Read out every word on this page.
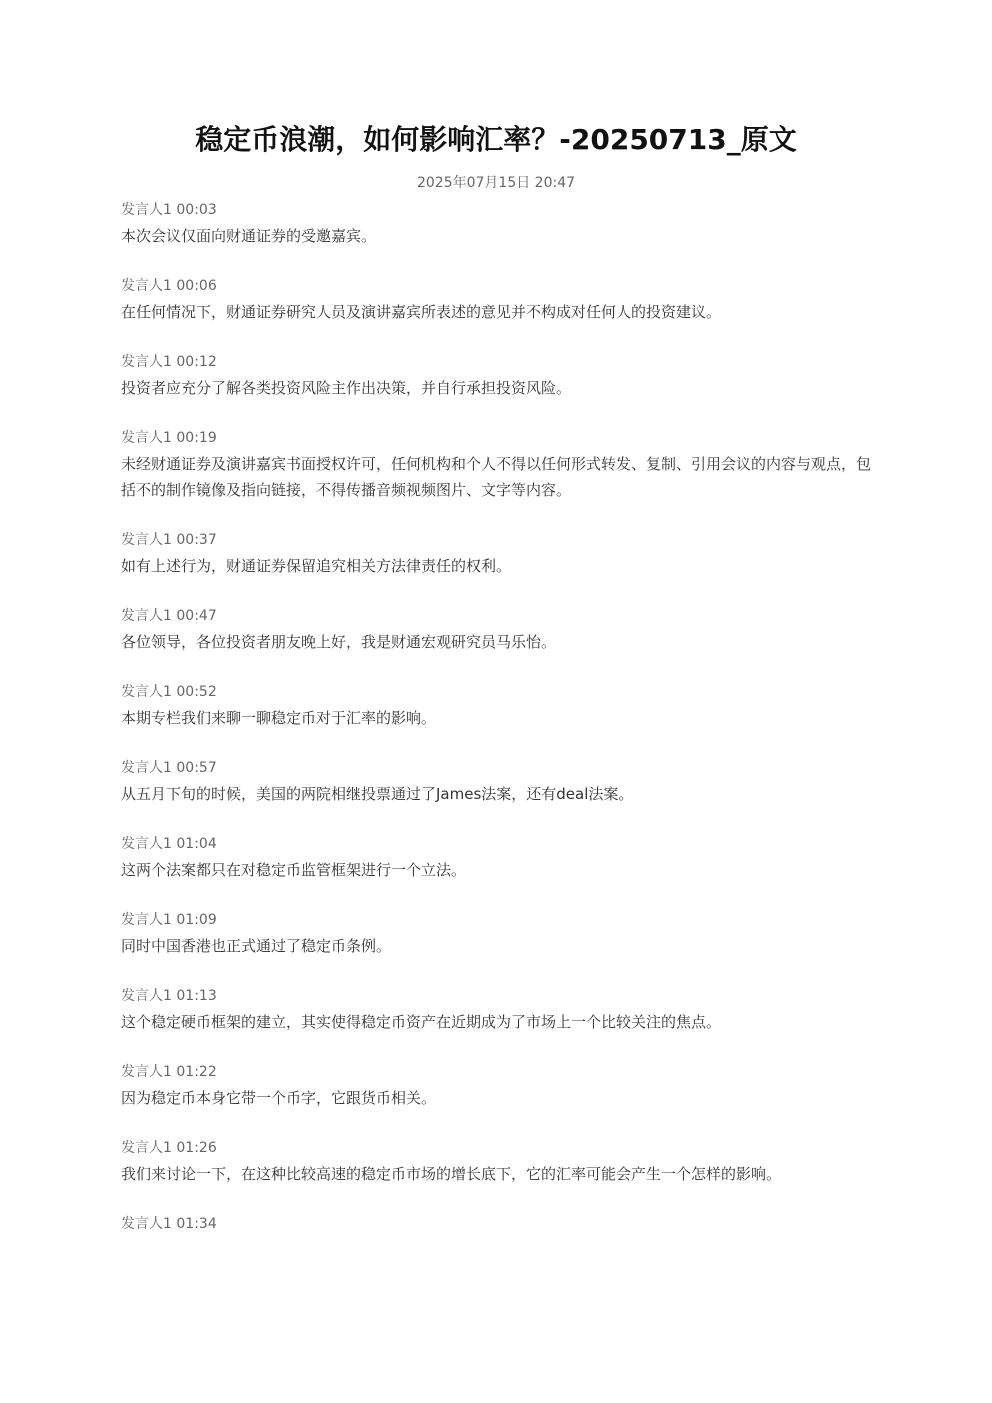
稳定币浪潮，如何影响汇率？-20250713_原文
2025年07月15日 20:47
发言人1 00:03
本次会议仅面向财通证券的受邀嘉宾。
发言人1 00:06
在任何情况下，财通证券研究人员及演讲嘉宾所表述的意见并不构成对任何人的投资建议。
发言人1 00:12
投资者应充分了解各类投资风险主作出决策，并自行承担投资风险。
发言人1 00:19
未经财通证券及演讲嘉宾书面授权许可，任何机构和个人不得以任何形式转发、复制、引用会议的内容与观点，包括不的制作镜像及指向链接，不得传播音频视频图片、文字等内容。
发言人1 00:37
如有上述行为，财通证券保留追究相关方法律责任的权利。
发言人1 00:47
各位领导，各位投资者朋友晚上好，我是财通宏观研究员马乐怡。
发言人1 00:52
本期专栏我们来聊一聊稳定币对于汇率的影响。
发言人1 00:57
从五月下旬的时候，美国的两院相继投票通过了James法案，还有deal法案。
发言人1 01:04
这两个法案都只在对稳定币监管框架进行一个立法。
发言人1 01:09
同时中国香港也正式通过了稳定币条例。
发言人1 01:13
这个稳定硬币框架的建立，其实使得稳定币资产在近期成为了市场上一个比较关注的焦点。
发言人1 01:22
因为稳定币本身它带一个币字，它跟货币相关。
发言人1 01:26
我们来讨论一下，在这种比较高速的稳定币市场的增长底下，它的汇率可能会产生一个怎样的影响。
发言人1 01:34
